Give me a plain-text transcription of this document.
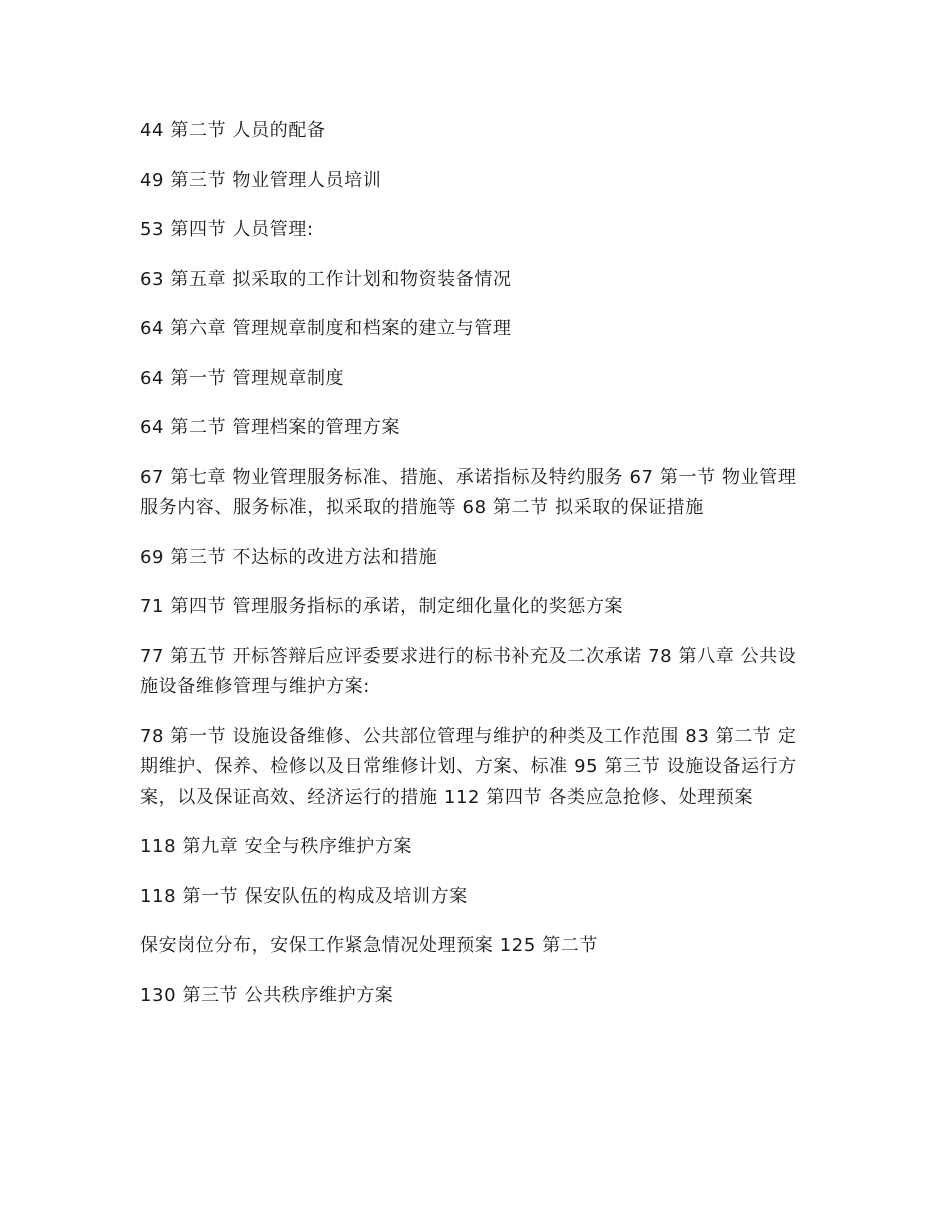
44 第二节 人员的配备

49 第三节 物业管理人员培训

53 第四节 人员管理:

63 第五章 拟采取的工作计划和物资装备情况

64 第六章 管理规章制度和档案的建立与管理

64 第一节 管理规章制度

64 第二节 管理档案的管理方案

67 第七章 物业管理服务标准、措施、承诺指标及特约服务 67 第一节 物业管理服务内容、服务标准，拟采取的措施等 68 第二节 拟采取的保证措施

69 第三节 不达标的改进方法和措施

71 第四节 管理服务指标的承诺，制定细化量化的奖惩方案

77 第五节 开标答辩后应评委要求进行的标书补充及二次承诺 78 第八章 公共设施设备维修管理与维护方案:

78 第一节 设施设备维修、公共部位管理与维护的种类及工作范围 83 第二节 定期维护、保养、检修以及日常维修计划、方案、标准 95 第三节 设施设备运行方案，以及保证高效、经济运行的措施 112 第四节 各类应急抢修、处理预案

118 第九章 安全与秩序维护方案

118 第一节 保安队伍的构成及培训方案

保安岗位分布，安保工作紧急情况处理预案 125 第二节

130 第三节 公共秩序维护方案
